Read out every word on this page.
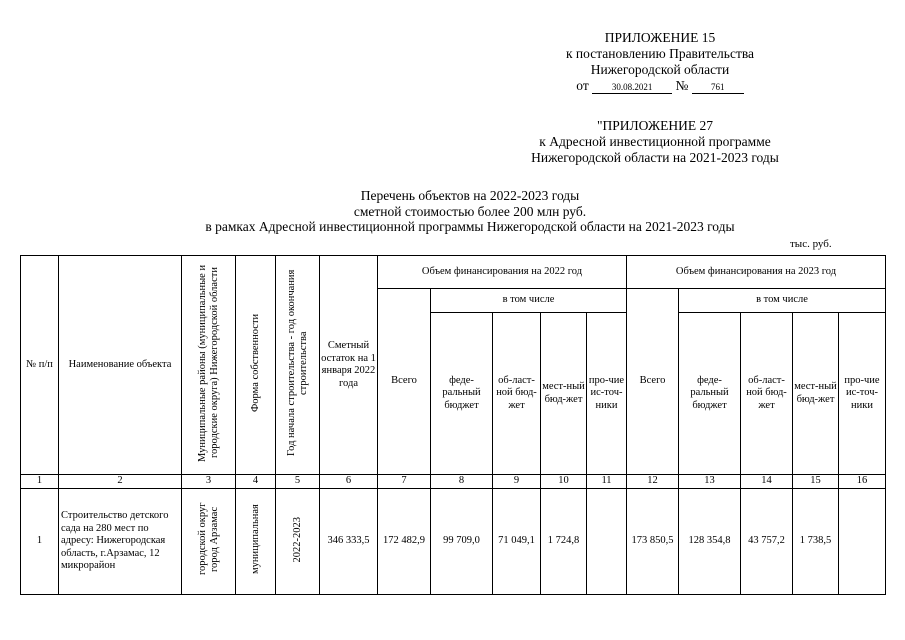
ПРИЛОЖЕНИЕ 15
к постановлению Правительства
Нижегородской области
от	30.08.2021 №	761
"ПРИЛОЖЕНИЕ 27
к Адресной инвестиционной программе
Нижегородской области на 2021-2023 годы
Перечень объектов на 2022-2023 годы
сметной стоимостью более 200 млн руб.
в рамках Адресной инвестиционной программы Нижегородской области на 2021-2023 годы
тыс. руб.
№ п/п	Наименование объекта	Муниципальные районы (муниципальные и городские округа) Нижегородской области	Форма собственности	Год начала строительства - год окончания строительства	Сметный остаток на 1 января 2022 года	Объем финансирования на 2022 год					Объем финансирования на 2023 год				
						Всего	в том числе				Всего	в том числе			
							феде-ральный бюджет	об-ласт-ной бюд-жет	мест-ный бюд-жет	про-чие ис-точ-ники		феде-ральный бюджет	об-ласт-ной бюд-жет	мест-ный бюд-жет	про-чие ис-точ-ники
1	2	3	4	5	6	7	8	9	10	11	12	13	14	15	16
1	Строительство детского сада на 280 мест по адресу: Нижегородская область, г.Арзамас, 12 микрорайон	городской округ город Арзамас	муниципальная	2022-2023	346 333,5	172 482,9	99 709,0	71 049,1	1 724,8		173 850,5	128 354,8	43 757,2	1 738,5	
